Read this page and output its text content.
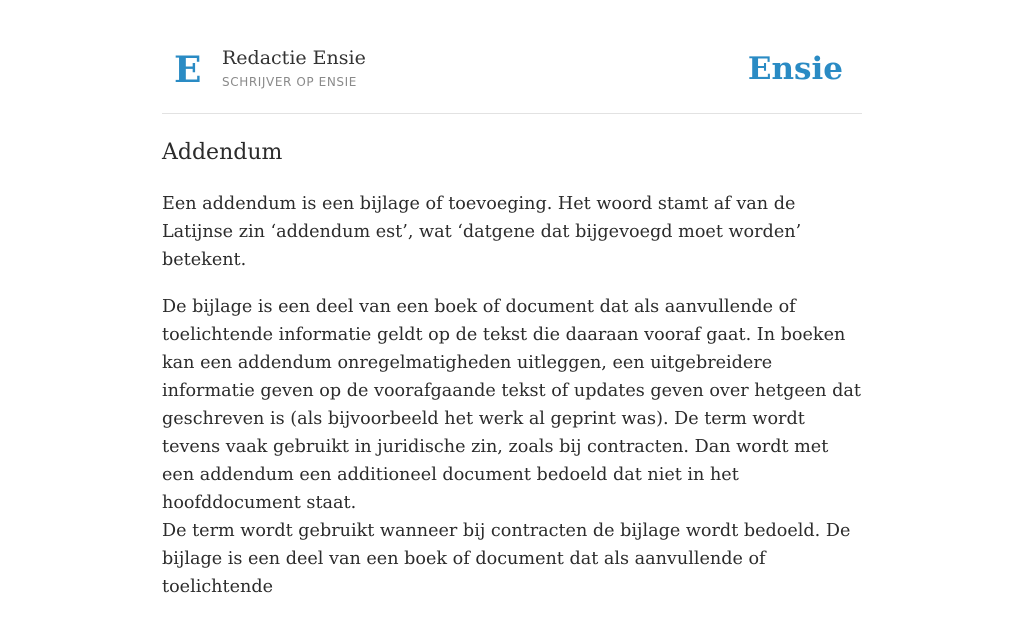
E Redactie Ensie
SCHRIJVER OP ENSIE	Ensie
Addendum

Een addendum is een bijlage of toevoeging. Het woord stamt af van de Latijnse zin ‘addendum est’, wat ‘datgene dat bijgevoegd moet worden’ betekent.

De bijlage is een deel van een boek of document dat als aanvullende of toelichtende informatie geldt op de tekst die daaraan vooraf gaat. In boeken kan een addendum onregelmatigheden uitleggen, een uitgebreidere informatie geven op de voorafgaande tekst of updates geven over hetgeen dat geschreven is (als bijvoorbeeld het werk al geprint was). De term wordt tevens vaak gebruikt in juridische zin, zoals bij contracten. Dan wordt met een addendum een additioneel document bedoeld dat niet in het hoofddocument staat.

De term wordt gebruikt wanneer bij contracten de bijlage wordt bedoeld. De bijlage is een deel van een boek of document dat als aanvullende of toelichtende
